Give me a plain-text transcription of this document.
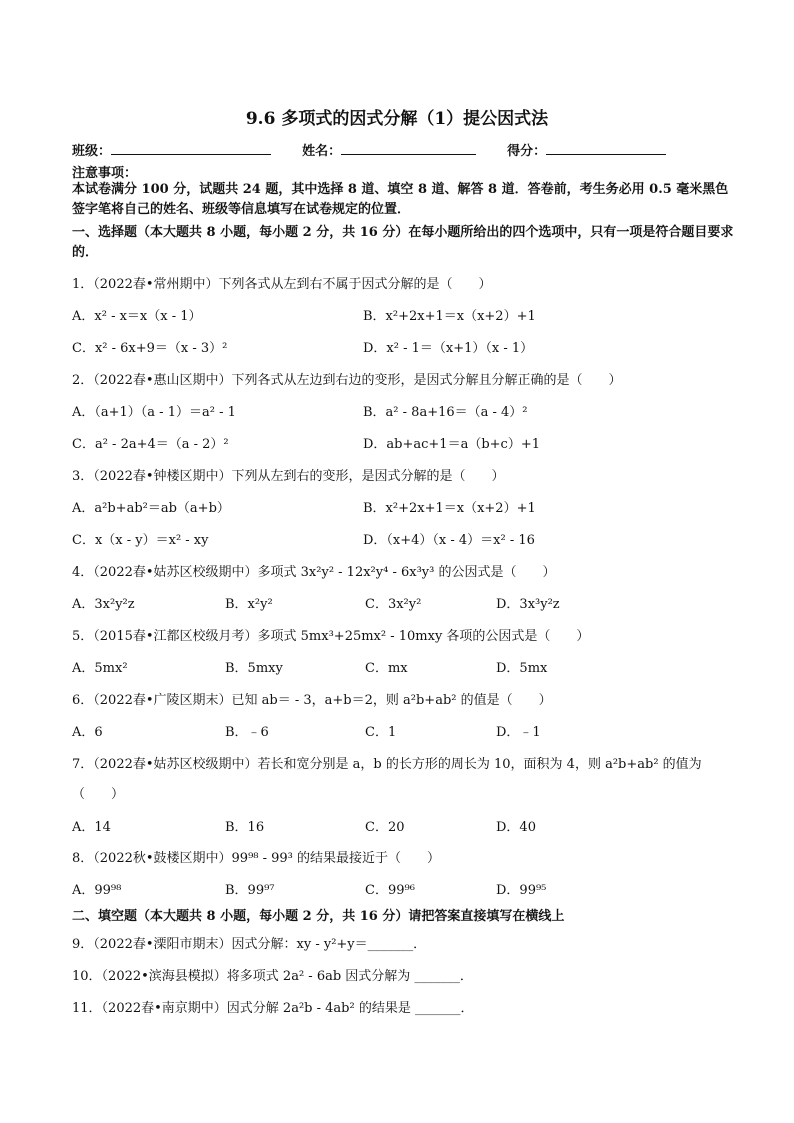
9.6 多项式的因式分解（1）提公因式法
班级：	姓名：	得分：
注意事项：
本试卷满分 100 分，试题共 24 题，其中选择 8 道、填空 8 道、解答 8 道．答卷前，考生务必用 0.5 毫米黑色签字笔将自己的姓名、班级等信息填写在试卷规定的位置．
一、选择题（本大题共 8 小题，每小题 2 分，共 16 分）在每小题所给出的四个选项中，只有一项是符合题目要求的．
1．（2022春•常州期中）下列各式从左到右不属于因式分解的是（　　）
A．x² - x＝x（x - 1）	B．x²+2x+1＝x（x+2）+1
C．x² - 6x+9＝（x - 3）²	D．x² - 1＝（x+1）（x - 1）
2．（2022春•惠山区期中）下列各式从左边到右边的变形，是因式分解且分解正确的是（　　）
A．（a+1）（a - 1）＝a² - 1	B．a² - 8a+16＝（a - 4）²
C．a² - 2a+4＝（a - 2）²	D．ab+ac+1＝a（b+c）+1
3．（2022春•钟楼区期中）下列从左到右的变形，是因式分解的是（　　）
A．a²b+ab²＝ab（a+b）	B．x²+2x+1＝x（x+2）+1
C．x（x - y）＝x² - xy	D．（x+4）（x - 4）＝x² - 16
4．（2022春•姑苏区校级期中）多项式 3x²y² - 12x²y⁴ - 6x³y³ 的公因式是（　　）
A．3x²y²z	B．x²y²	C．3x²y²	D．3x³y²z
5．（2015春•江都区校级月考）多项式 5mx³+25mx² - 10mxy 各项的公因式是（　　）
A．5mx²	B．5mxy	C．mx	D．5mx
6．（2022春•广陵区期末）已知 ab＝ - 3，a+b＝2，则 a²b+ab² 的值是（　　）
A．6	B．﹣6	C．1	D．﹣1
7．（2022春•姑苏区校级期中）若长和宽分别是 a，b 的长方形的周长为 10，面积为 4，则 a²b+ab² 的值为
（　　）
A．14	B．16	C．20	D．40
8．（2022秋•鼓楼区期中）99⁹⁸ - 99³ 的结果最接近于（　　）
A．99⁹⁸	B．99⁹⁷	C．99⁹⁶	D．99⁹⁵
二、填空题（本大题共 8 小题，每小题 2 分，共 16 分）请把答案直接填写在横线上
9．（2022春•溧阳市期末）因式分解：xy - y²+y＝_______．
10．（2022•滨海县模拟）将多项式 2a² - 6ab 因式分解为 _______．
11．（2022春•南京期中）因式分解 2a²b - 4ab² 的结果是 _______．
